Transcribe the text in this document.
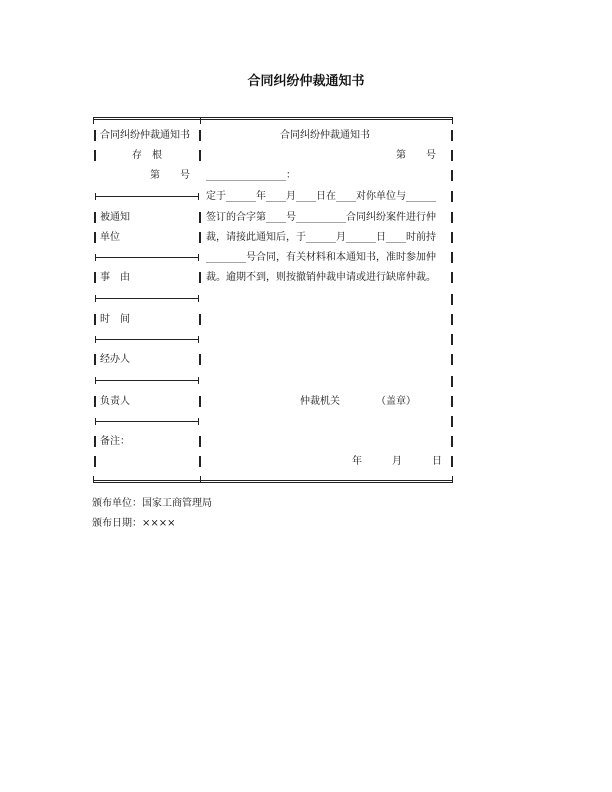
合同纠纷仲裁通知书
合同纠纷仲裁通知书
存　根
第　　号
被通知
单位
事　由
时　间
经办人
负责人
备注：
合同纠纷仲裁通知书
第　　号
________________：
定于______年____月____日在____对你单位与______
签订的合字第____号__________合同纠纷案件进行仲
裁，请接此通知后，于______月______日____时前持
________号合同，有关材料和本通知书，准时参加仲
裁。逾期不到，则按撤销仲裁申请或进行缺席仲裁。
仲裁机关	（盖章）
年　　　月　　　日
颁布单位：国家工商管理局
颁布日期：××××
